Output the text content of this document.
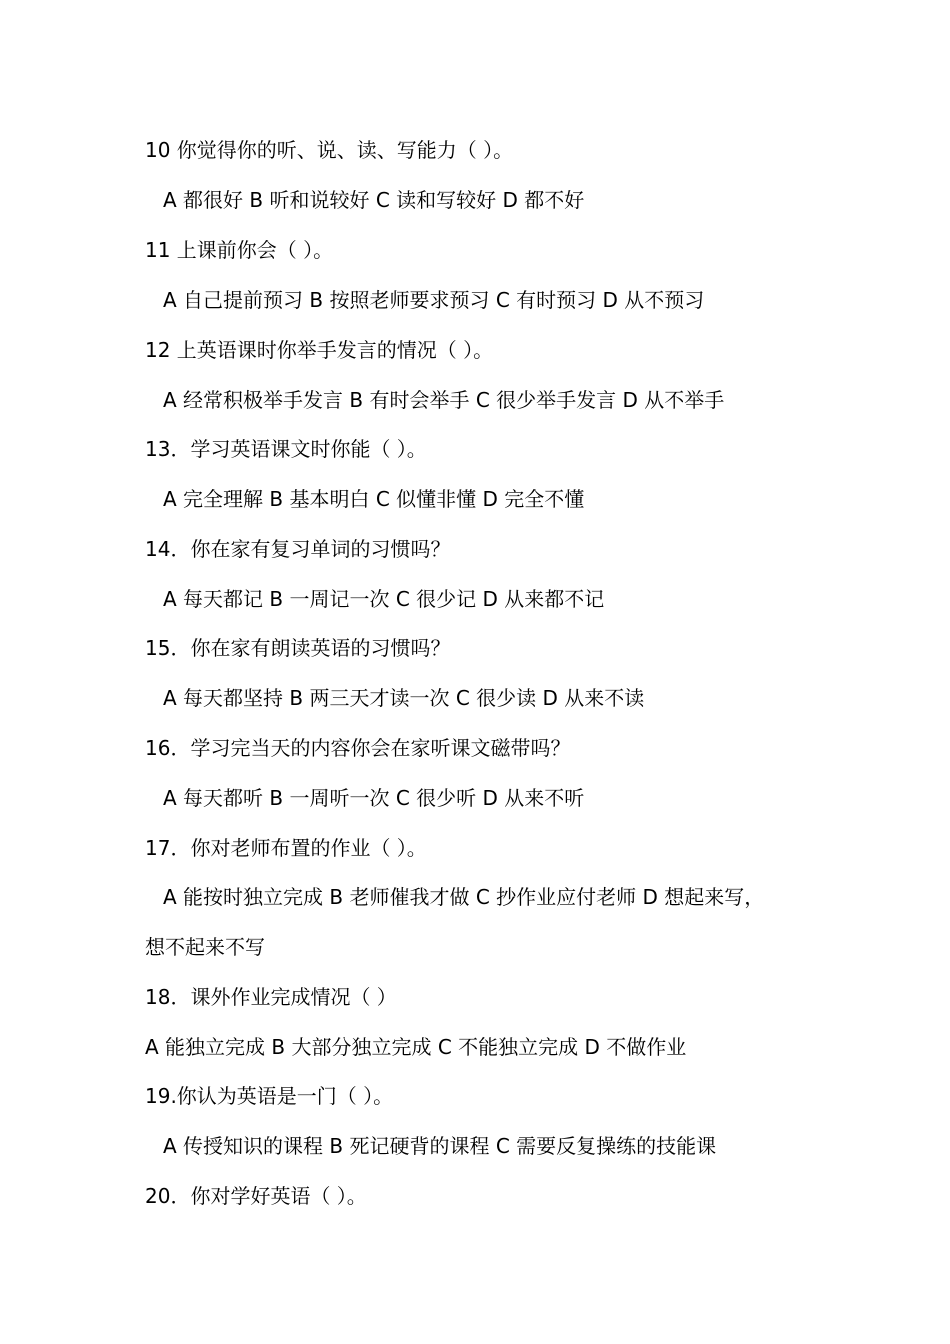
10 你觉得你的听、说、读、写能力（ ）。
A 都很好 B 听和说较好 C 读和写较好 D 都不好
11 上课前你会（ ）。
A 自己提前预习 B 按照老师要求预习 C 有时预习 D 从不预习
12 上英语课时你举手发言的情况（ ）。
A 经常积极举手发言 B 有时会举手 C 很少举手发言 D 从不举手
13．学习英语课文时你能（ ）。
A 完全理解 B 基本明白 C 似懂非懂 D 完全不懂
14．你在家有复习单词的习惯吗？
A 每天都记 B 一周记一次 C 很少记 D 从来都不记
15．你在家有朗读英语的习惯吗？
A 每天都坚持 B 两三天才读一次 C 很少读 D 从来不读
16．学习完当天的内容你会在家听课文磁带吗？
A 每天都听 B 一周听一次 C 很少听 D 从来不听
17．你对老师布置的作业（ ）。
A 能按时独立完成 B 老师催我才做 C 抄作业应付老师 D 想起来写，
想不起来不写
18．课外作业完成情况（ ）
A 能独立完成 B 大部分独立完成 C 不能独立完成 D 不做作业
19.你认为英语是一门（ ）。
A 传授知识的课程 B 死记硬背的课程 C 需要反复操练的技能课
20．你对学好英语（ ）。
